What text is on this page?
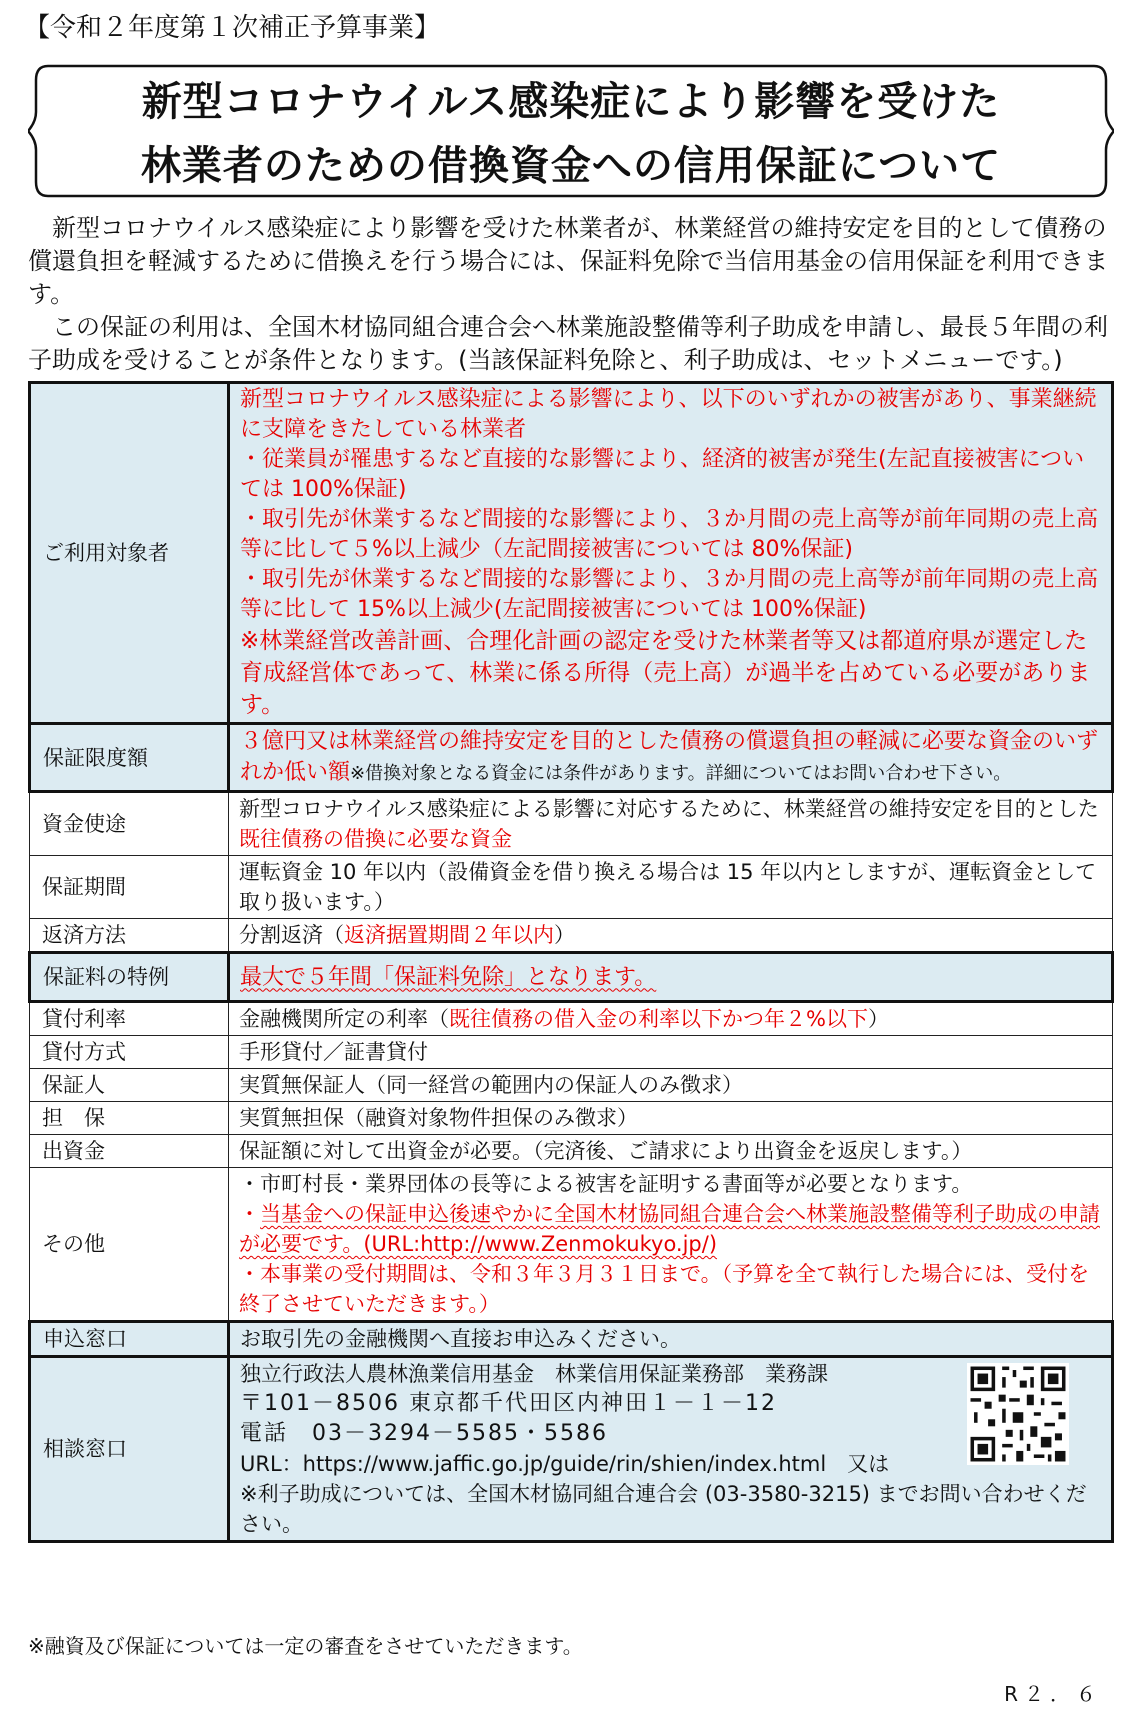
【令和２年度第１次補正予算事業】
新型コロナウイルス感染症により影響を受けた
林業者のための借換資金への信用保証について

新型コロナウイルス感染症により影響を受けた林業者が、林業経営の維持安定を目的として債務の償還負担を軽減するために借換えを行う場合には、保証料免除で当信用基金の信用保証を利用できます。

この保証の利用は、全国木材協同組合連合会へ林業施設整備等利子助成を申請し、最長５年間の利子助成を受けることが条件となります。(当該保証料免除と、利子助成は、セットメニューです。)

ご利用対象者	新型コロナウイルス感染症による影響により、以下のいずれかの被害があり、事業継続に支障をきたしている林業者
・従業員が罹患するなど直接的な影響により、経済的被害が発生(左記直接被害については 100%保証)
・取引先が休業するなど間接的な影響により、３か月間の売上高等が前年同期の売上高等に比して５%以上減少（左記間接被害については 80%保証)
・取引先が休業するなど間接的な影響により、３か月間の売上高等が前年同期の売上高等に比して 15%以上減少(左記間接被害については 100%保証)
※林業経営改善計画、合理化計画の認定を受けた林業者等又は都道府県が選定した育成経営体であって、林業に係る所得（売上高）が過半を占めている必要があります。

保証限度額	３億円又は林業経営の維持安定を目的とした債務の償還負担の軽減に必要な資金のいずれか低い額※借換対象となる資金には条件があります。詳細についてはお問い合わせ下さい。
資金使途	新型コロナウイルス感染症による影響に対応するために、林業経営の維持安定を目的とした既往債務の借換に必要な資金
保証期間	運転資金 10 年以内（設備資金を借り換える場合は 15 年以内としますが、運転資金として取り扱います。）
返済方法	分割返済（返済据置期間２年以内）
保証料の特例	最大で５年間「保証料免除」となります。
貸付利率	金融機関所定の利率（既往債務の借入金の利率以下かつ年２%以下）
貸付方式	手形貸付／証書貸付
保証人	実質無保証人（同一経営の範囲内の保証人のみ徴求）
担　保	実質無担保（融資対象物件担保のみ徴求）
出資金	保証額に対して出資金が必要。（完済後、ご請求により出資金を返戻します。）
その他	・市町村長・業界団体の長等による被害を証明する書面等が必要となります。
・当基金への保証申込後速やかに全国木材協同組合連合会へ林業施設整備等利子助成の申請が必要です。(URL:http://www.Zenmokukyo.jp/)
・本事業の受付期間は、令和３年３月３１日まで。（予算を全て執行した場合には、受付を終了させていただきます。）

申込窓口	お取引先の金融機関へ直接お申込みください。
相談窓口	独立行政法人農林漁業信用基金　林業信用保証業務部　業務課
〒101－8506 東京都千代田区内神田１－１－12
電話　03－3294－5585・5586
URL：https://www.jaffic.go.jp/guide/rin/shien/index.html　又は
※利子助成については、全国木材協同組合連合会 (03-3580-3215) までお問い合わせください。
※融資及び保証については一定の審査をさせていただきます。
R２．６
